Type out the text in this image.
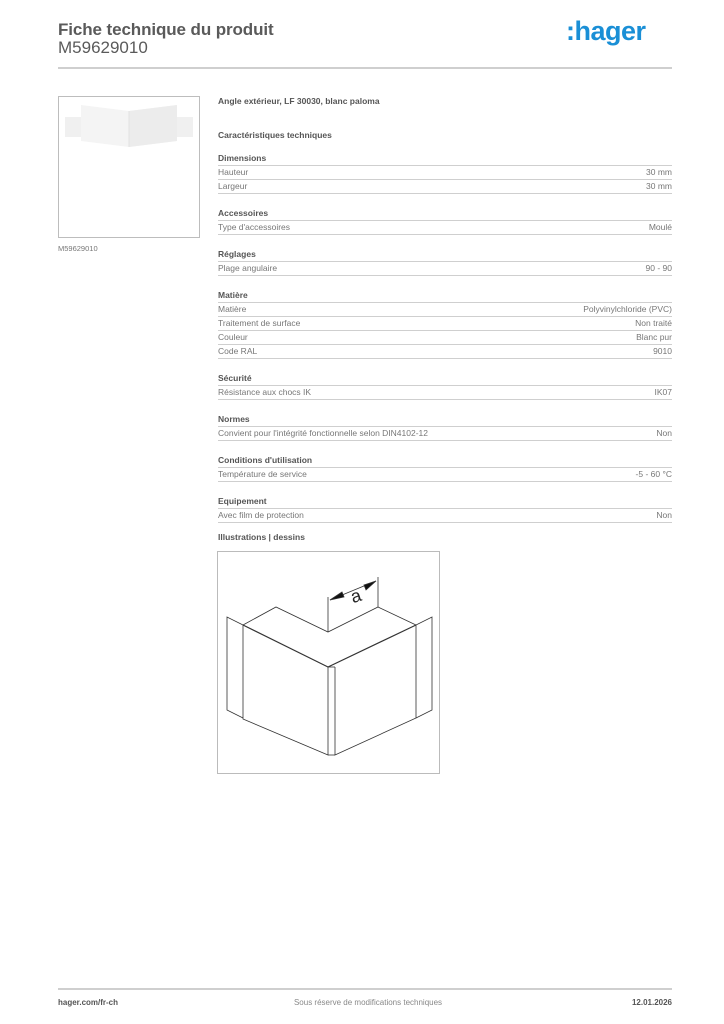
Fiche technique du produit
M59629010
:hager
M59629010
Angle extérieur, LF 30030, blanc paloma
Caractéristiques techniques
Dimensions
Hauteur	30 mm
Largeur	30 mm
Accessoires
Type d'accessoires	Moulé
Réglages
Plage angulaire	90 - 90
Matière
Matière	Polyvinylchloride (PVC)
Traitement de surface	Non traité
Couleur	Blanc pur
Code RAL	9010
Sécurité
Résistance aux chocs IK	IK07
Normes
Convient pour l'intégrité fonctionnelle selon DIN4102-12	Non
Conditions d'utilisation
Température de service	-5 - 60 °C
Equipement
Avec film de protection	Non
Illustrations | dessins
a
hager.com/fr-ch	Sous réserve de modifications techniques	12.01.2026
